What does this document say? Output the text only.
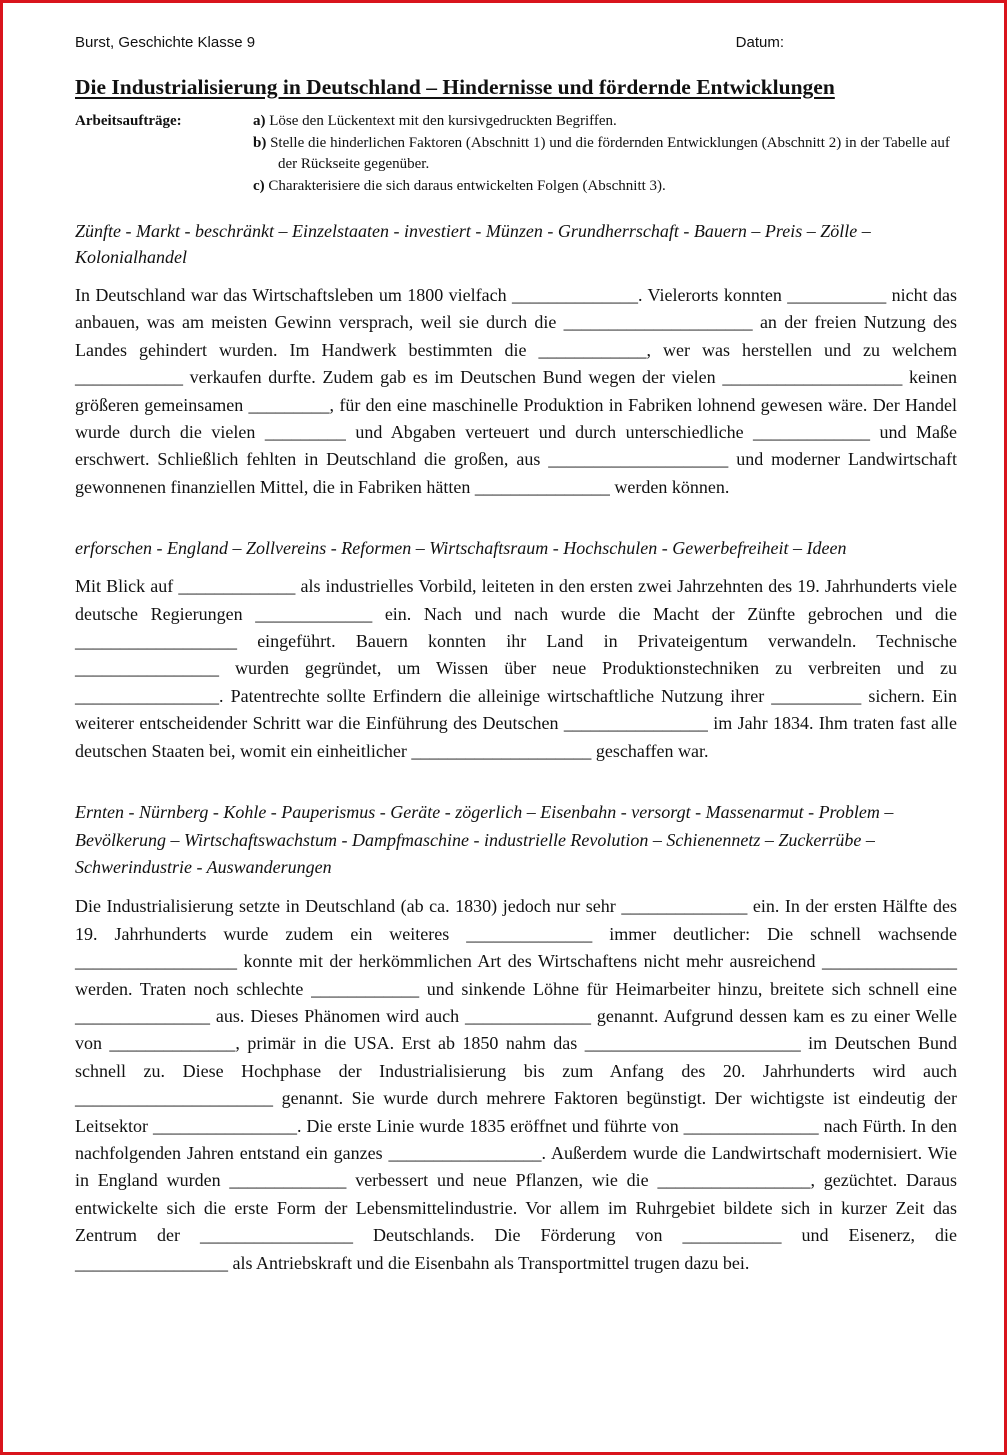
Burst, Geschichte Klasse 9	Datum:
Die Industrialisierung in Deutschland – Hindernisse und fördernde Entwicklungen
Arbeitsaufträge:	a) Löse den Lückentext mit den kursivgedruckten Begriffen.
b) Stelle die hinderlichen Faktoren (Abschnitt 1) und die fördernden Entwicklungen (Abschnitt 2) in der Tabelle auf der Rückseite gegenüber.
c) Charakterisiere die sich daraus entwickelten Folgen (Abschnitt 3).
Zünfte - Markt - beschränkt – Einzelstaaten - investiert - Münzen - Grundherrschaft - Bauern – Preis – Zölle – Kolonialhandel
In Deutschland war das Wirtschaftsleben um 1800 vielfach ______________. Vielerorts konnten ___________ nicht das anbauen, was am meisten Gewinn versprach, weil sie durch die _____________________ an der freien Nutzung des Landes gehindert wurden. Im Handwerk bestimmten die ____________, wer was herstellen und zu welchem ____________ verkaufen durfte. Zudem gab es im Deutschen Bund wegen der vielen ____________________ keinen größeren gemeinsamen _________, für den eine maschinelle Produktion in Fabriken lohnend gewesen wäre. Der Handel wurde durch die vielen _________ und Abgaben verteuert und durch unterschiedliche _____________ und Maße erschwert. Schließlich fehlten in Deutschland die großen, aus ____________________ und moderner Landwirtschaft gewonnenen finanziellen Mittel, die in Fabriken hätten _______________ werden können.
erforschen - England – Zollvereins - Reformen – Wirtschaftsraum - Hochschulen - Gewerbefreiheit – Ideen
Mit Blick auf _____________ als industrielles Vorbild, leiteten in den ersten zwei Jahrzehnten des 19. Jahrhunderts viele deutsche Regierungen _____________ ein. Nach und nach wurde die Macht der Zünfte gebrochen und die __________________ eingeführt. Bauern konnten ihr Land in Privateigentum verwandeln. Technische ________________ wurden gegründet, um Wissen über neue Produktionstechniken zu verbreiten und zu ________________. Patentrechte sollte Erfindern die alleinige wirtschaftliche Nutzung ihrer __________ sichern. Ein weiterer entscheidender Schritt war die Einführung des Deutschen ________________ im Jahr 1834. Ihm traten fast alle deutschen Staaten bei, womit ein einheitlicher ____________________ geschaffen war.
Ernten - Nürnberg - Kohle - Pauperismus - Geräte - zögerlich – Eisenbahn - versorgt - Massenarmut - Problem – Bevölkerung – Wirtschaftswachstum - Dampfmaschine - industrielle Revolution – Schienennetz – Zuckerrübe – Schwerindustrie - Auswanderungen
Die Industrialisierung setzte in Deutschland (ab ca. 1830) jedoch nur sehr ______________ ein. In der ersten Hälfte des 19. Jahrhunderts wurde zudem ein weiteres ______________ immer deutlicher: Die schnell wachsende __________________ konnte mit der herkömmlichen Art des Wirtschaftens nicht mehr ausreichend _______________ werden. Traten noch schlechte ____________ und sinkende Löhne für Heimarbeiter hinzu, breitete sich schnell eine _______________ aus. Dieses Phänomen wird auch ______________ genannt. Aufgrund dessen kam es zu einer Welle von ______________, primär in die USA. Erst ab 1850 nahm das ________________________ im Deutschen Bund schnell zu. Diese Hochphase der Industrialisierung bis zum Anfang des 20. Jahrhunderts wird auch ______________________ genannt. Sie wurde durch mehrere Faktoren begünstigt. Der wichtigste ist eindeutig der Leitsektor ________________. Die erste Linie wurde 1835 eröffnet und führte von _______________ nach Fürth. In den nachfolgenden Jahren entstand ein ganzes _________________. Außerdem wurde die Landwirtschaft modernisiert. Wie in England wurden _____________ verbessert und neue Pflanzen, wie die _________________, gezüchtet. Daraus entwickelte sich die erste Form der Lebensmittelindustrie. Vor allem im Ruhrgebiet bildete sich in kurzer Zeit das Zentrum der _________________ Deutschlands. Die Förderung von ___________ und Eisenerz, die _________________ als Antriebskraft und die Eisenbahn als Transportmittel trugen dazu bei.
